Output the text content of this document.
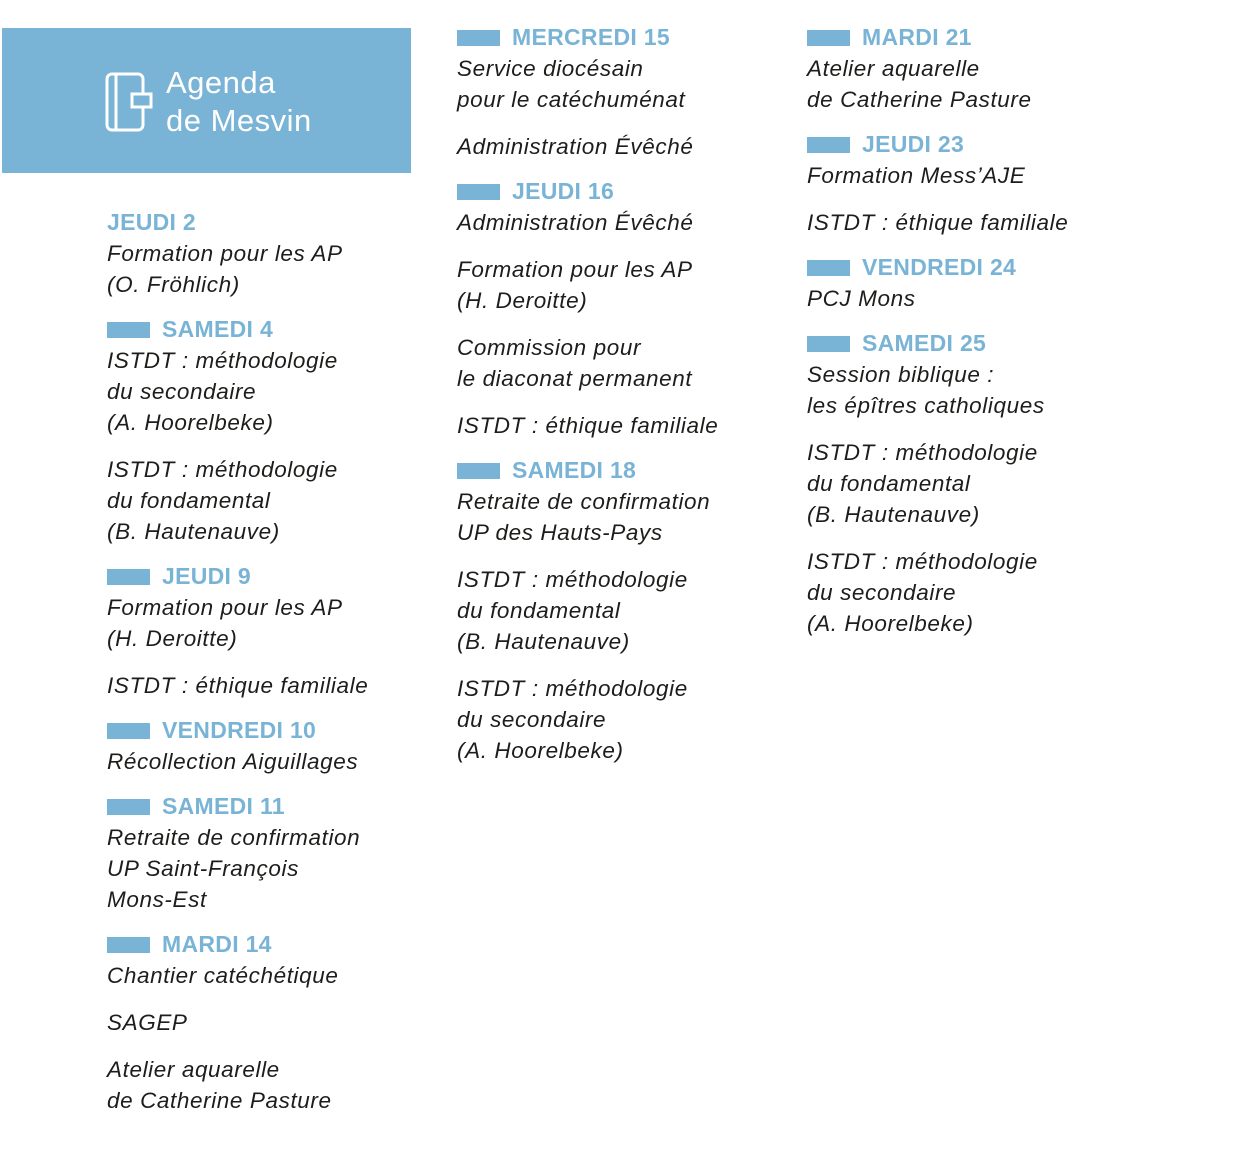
Agenda
de Mesvin
JEUDI 2
Formation pour les AP
(O. Fröhlich)
SAMEDI 4
ISTDT : méthodologie
du secondaire
(A. Hoorelbeke)
ISTDT : méthodologie
du fondamental
(B. Hautenauve)
JEUDI 9
Formation pour les AP
(H. Deroitte)
ISTDT : éthique familiale
VENDREDI 10
Récollection Aiguillages
SAMEDI 11
Retraite de confirmation
UP Saint-François
Mons-Est
MARDI 14
Chantier catéchétique
SAGEP
Atelier aquarelle
de Catherine Pasture
MERCREDI 15
Service diocésain
pour le catéchuménat
Administration Évêché
JEUDI 16
Administration Évêché
Formation pour les AP
(H. Deroitte)
Commission pour
le diaconat permanent
ISTDT : éthique familiale
SAMEDI 18
Retraite de confirmation
UP des Hauts-Pays
ISTDT : méthodologie
du fondamental
(B. Hautenauve)
ISTDT : méthodologie
du secondaire
(A. Hoorelbeke)
MARDI 21
Atelier aquarelle
de Catherine Pasture
JEUDI 23
Formation Mess’AJE
ISTDT : éthique familiale
VENDREDI 24
PCJ Mons
SAMEDI 25
Session biblique :
les épîtres catholiques
ISTDT : méthodologie
du fondamental
(B. Hautenauve)
ISTDT : méthodologie
du secondaire
(A. Hoorelbeke)
